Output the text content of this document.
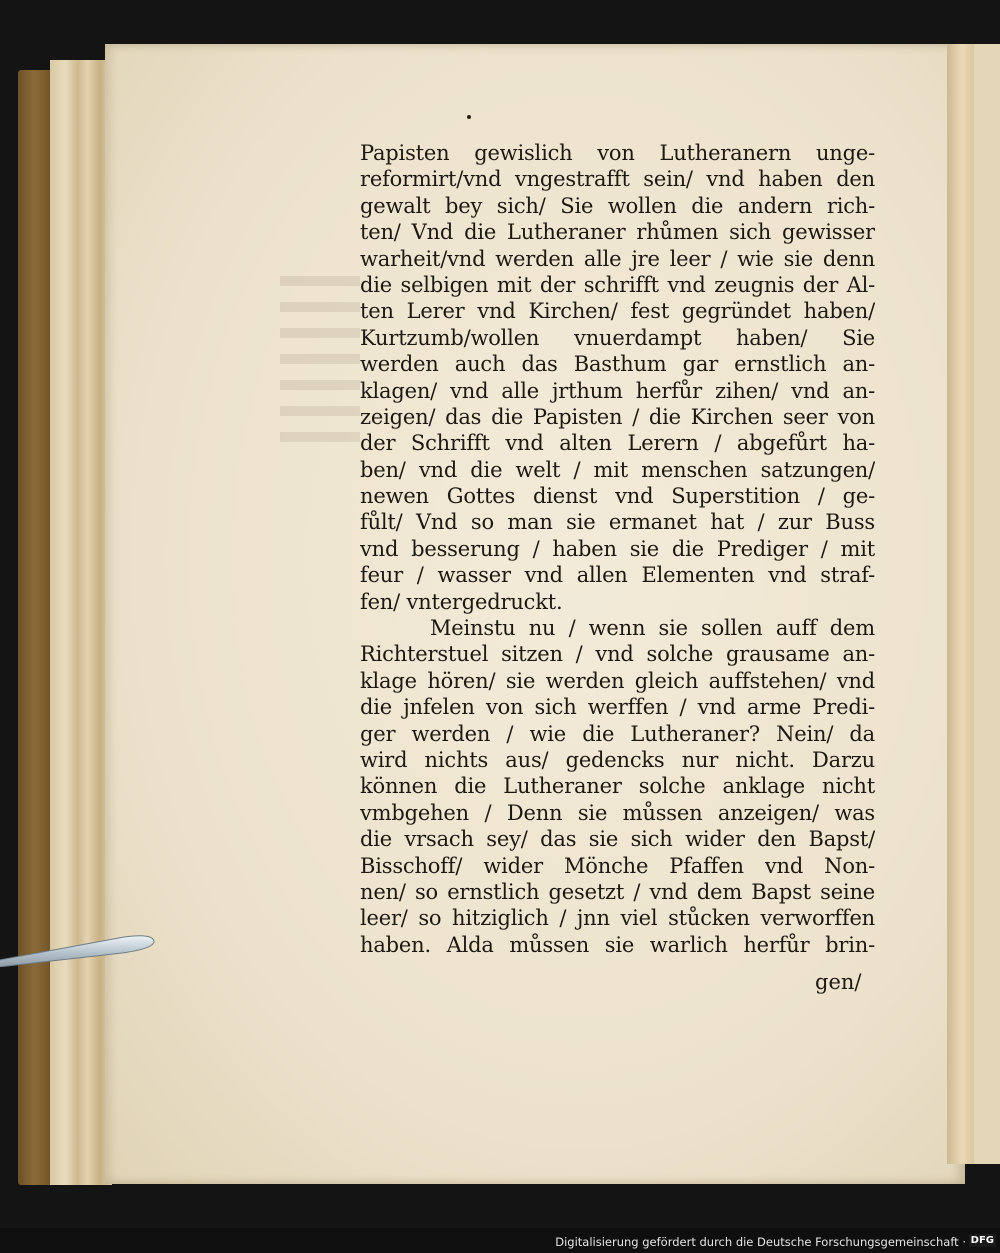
Papisten gewislich von Lutheranern unge-
reformirt/vnd vngestrafft sein/ vnd haben den
gewalt bey sich/ Sie wollen die andern rich-
ten/ Vnd die Lutheraner rhůmen sich gewisser
warheit/vnd werden alle jre leer / wie sie denn
die selbigen mit der schrifft vnd zeugnis der Al-
ten Lerer vnd Kirchen/ fest gegründet haben/
Kurtzumb/wollen vnuerdampt haben/ Sie
werden auch das Basthum gar ernstlich an-
klagen/ vnd alle jrthum herfůr zihen/ vnd an-
zeigen/ das die Papisten / die Kirchen seer von
der Schrifft vnd alten Lerern / abgefůrt ha-
ben/ vnd die welt / mit menschen satzungen/
newen Gottes dienst vnd Superstition / ge-
fůlt/ Vnd so man sie ermanet hat / zur Buss
vnd besserung / haben sie die Prediger / mit
feur / wasser vnd allen Elementen vnd straf-
fen/ vntergedruckt.
Meinstu nu / wenn sie sollen auff dem
Richterstuel sitzen / vnd solche grausame an-
klage hören/ sie werden gleich auffstehen/ vnd
die jnfelen von sich werffen / vnd arme Predi-
ger werden / wie die Lutheraner? Nein/ da
wird nichts aus/ gedencks nur nicht. Darzu
können die Lutheraner solche anklage nicht
vmbgehen / Denn sie můssen anzeigen/ was
die vrsach sey/ das sie sich wider den Bapst/
Bisschoff/ wider Mönche Pfaffen vnd Non-
nen/ so ernstlich gesetzt / vnd dem Bapst seine
leer/ so hitziglich / jnn viel stůcken verworffen
haben. Alda můssen sie warlich herfůr brin-
gen/
Digitalisierung gefördert durch die Deutsche Forschungsgemeinschaft · DFG
